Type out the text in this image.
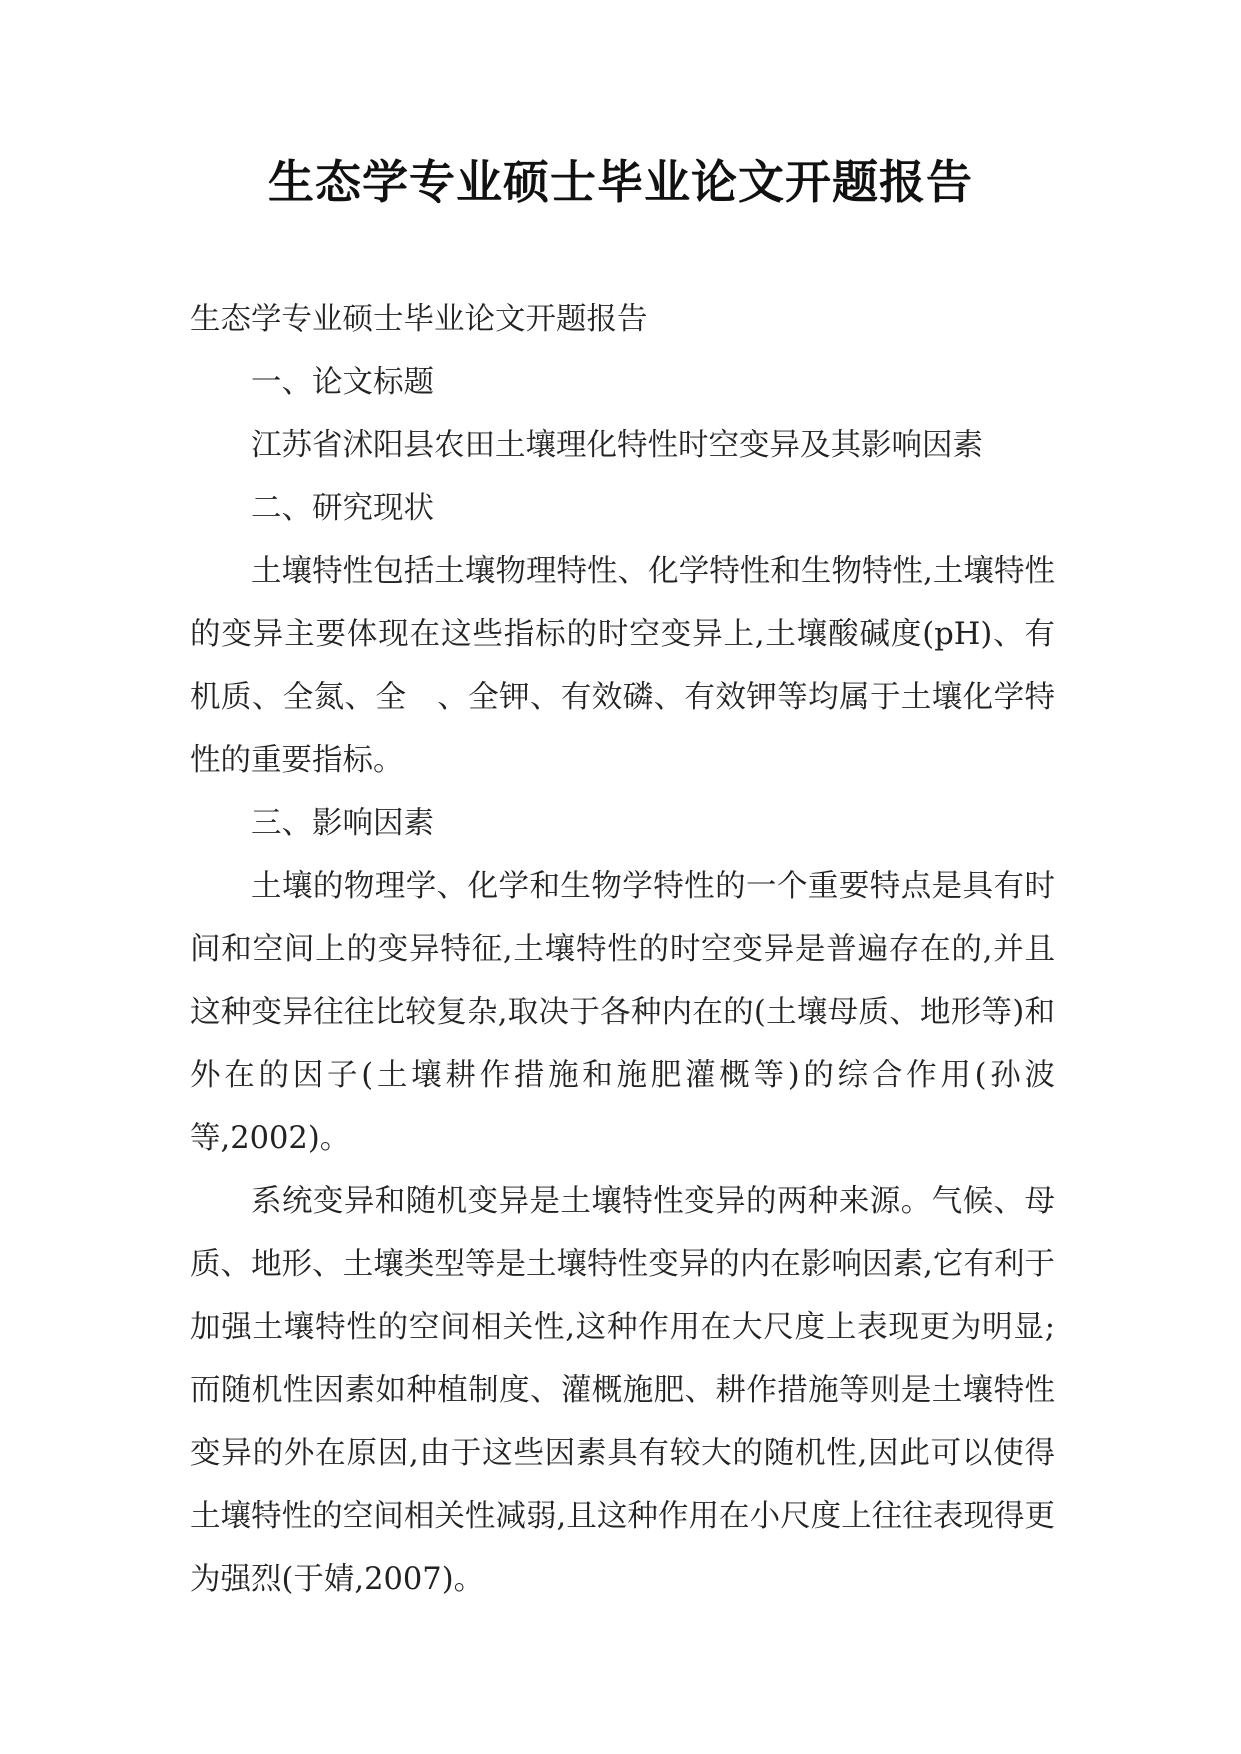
生态学专业硕士毕业论文开题报告

生态学专业硕士毕业论文开题报告

一、论文标题

江苏省沭阳县农田土壤理化特性时空变异及其影响因素

二、研究现状

土壤特性包括土壤物理特性、化学特性和生物特性,土壤特性的变异主要体现在这些指标的时空变异上,土壤酸碱度(pH)、有机质、全氮、全　、全钾、有效磷、有效钾等均属于土壤化学特性的重要指标。

三、影响因素

土壤的物理学、化学和生物学特性的一个重要特点是具有时间和空间上的变异特征,土壤特性的时空变异是普遍存在的,并且这种变异往往比较复杂,取决于各种内在的(土壤母质、地形等)和外在的因子(土壤耕作措施和施肥灌概等)的综合作用(孙波等,2002)。

系统变异和随机变异是土壤特性变异的两种来源。气候、母质、地形、土壤类型等是土壤特性变异的内在影响因素,它有利于加强土壤特性的空间相关性,这种作用在大尺度上表现更为明显;而随机性因素如种植制度、灌概施肥、耕作措施等则是土壤特性变异的外在原因,由于这些因素具有较大的随机性,因此可以使得土壤特性的空间相关性减弱,且这种作用在小尺度上往往表现得更为强烈(于婧,2007)。
